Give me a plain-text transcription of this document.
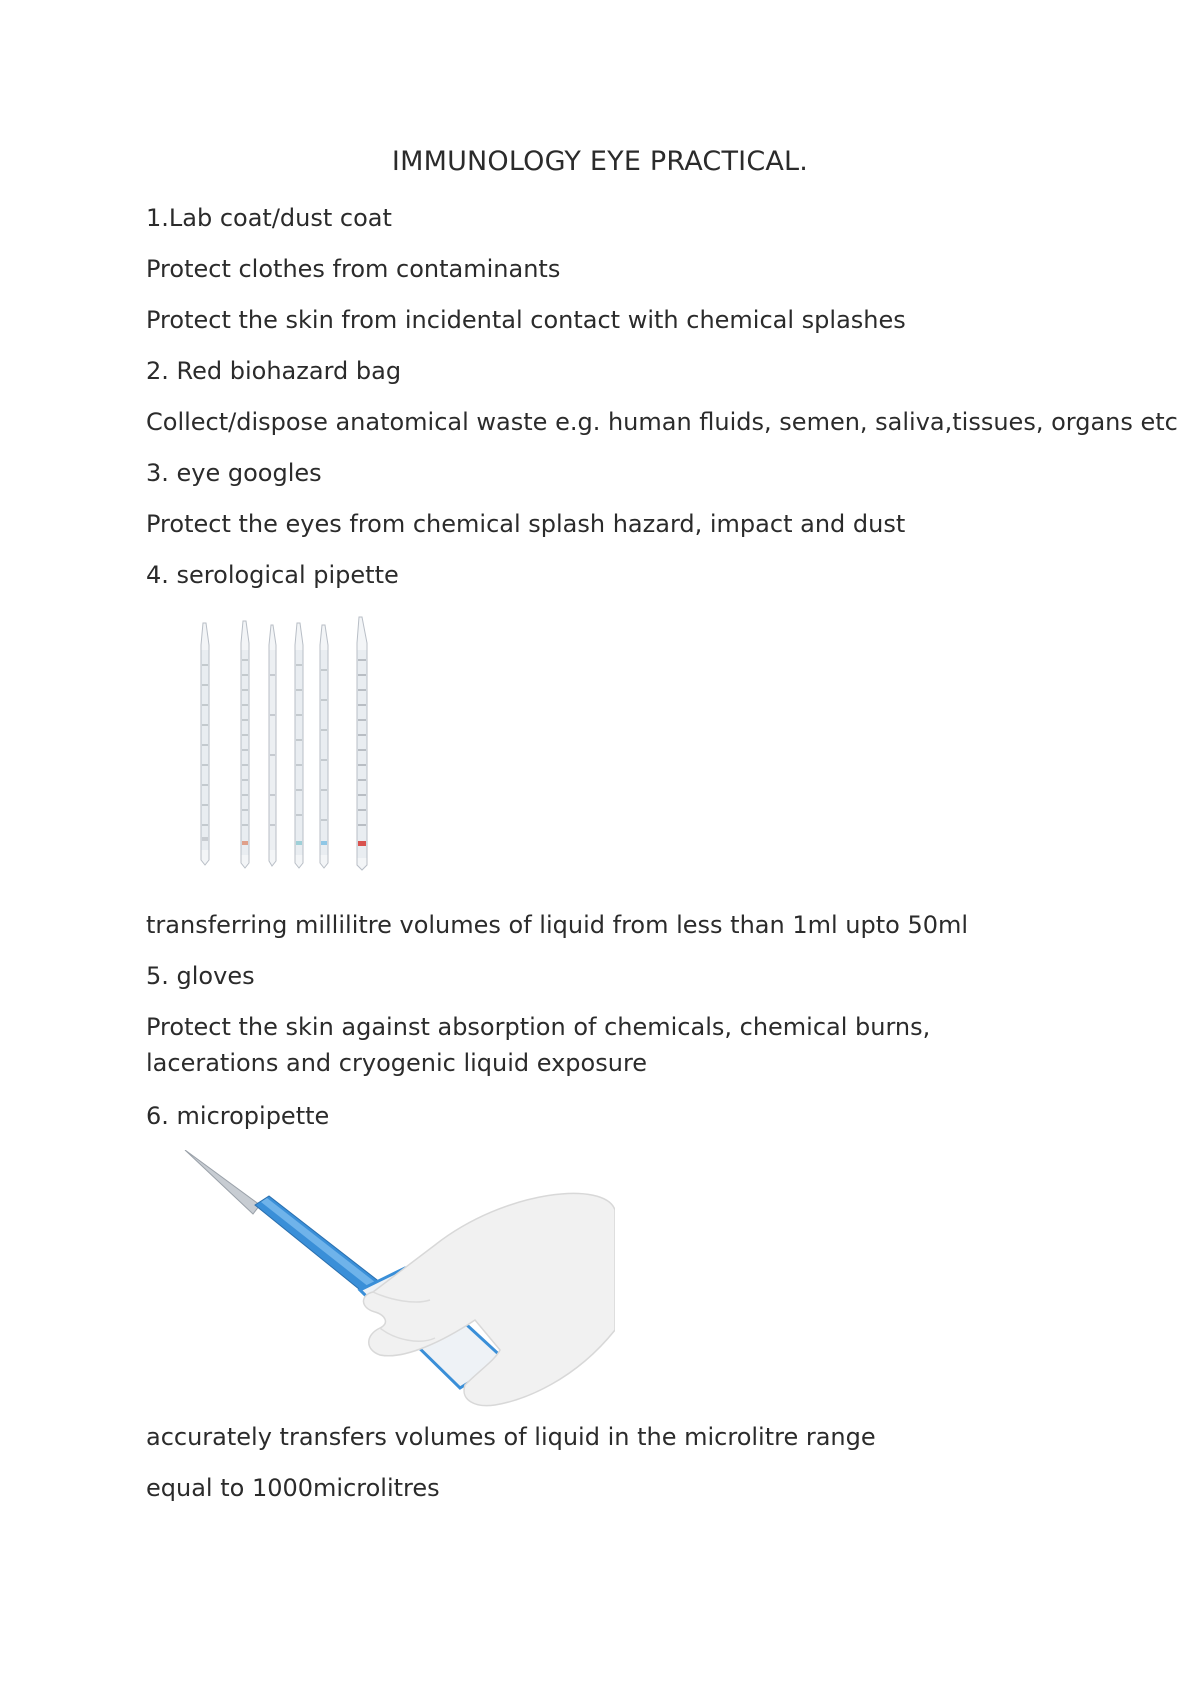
IMMUNOLOGY EYE PRACTICAL.
1.Lab coat/dust coat
Protect clothes from contaminants
Protect the skin from incidental contact with chemical splashes
2. Red biohazard bag
Collect/dispose anatomical waste e.g. human fluids, semen, saliva,tissues, organs etc
3. eye googles
Protect the eyes from chemical splash hazard, impact and dust
4. serological pipette
transferring millilitre volumes of liquid from less than 1ml upto 50ml
5. gloves
Protect the skin against absorption of chemicals, chemical burns, lacerations and cryogenic liquid exposure
6. micropipette
accurately transfers volumes of liquid in the microlitre range
equal to 1000microlitres
